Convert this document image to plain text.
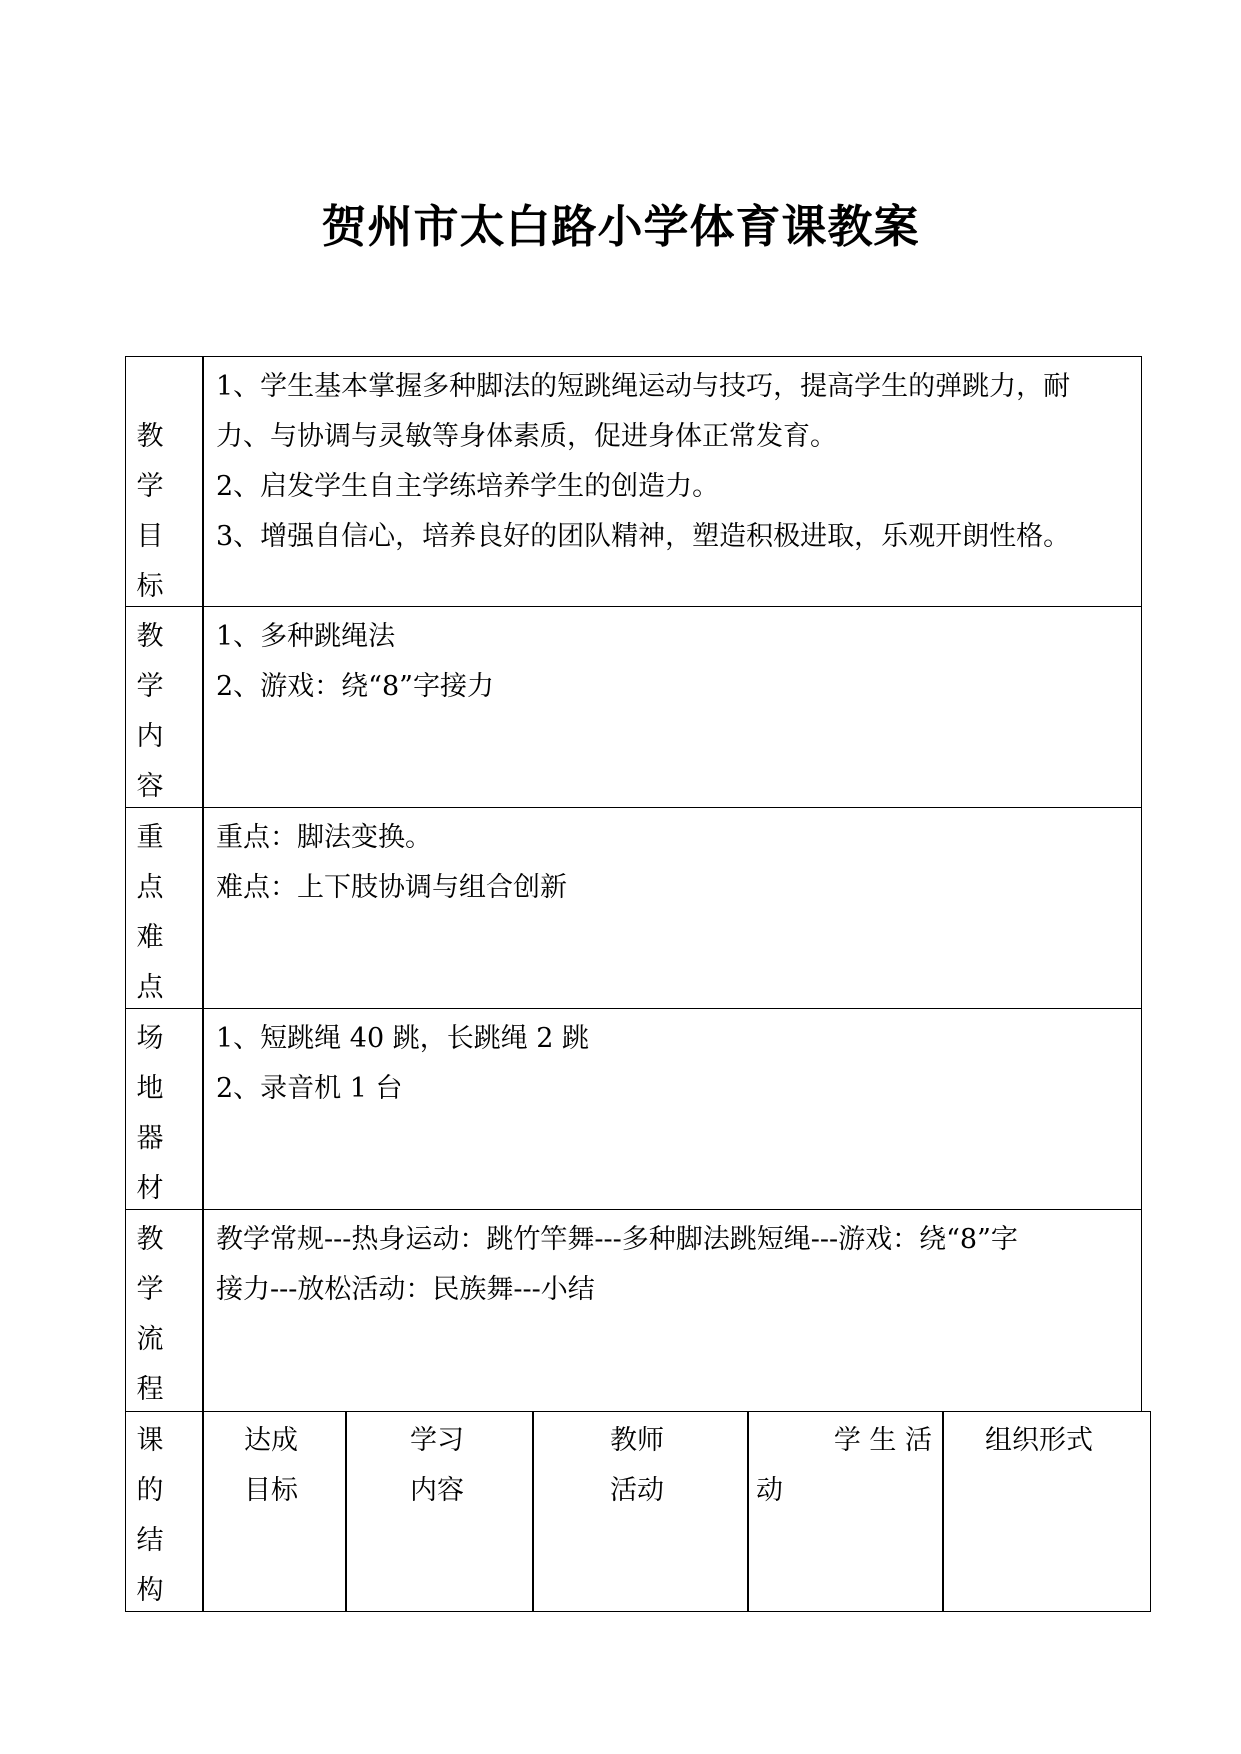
贺州市太白路小学体育课教案
教
学
目
标

1、学生基本掌握多种脚法的短跳绳运动与技巧，提高学生的弹跳力，耐

力、与协调与灵敏等身体素质，促进身体正常发育。

2、启发学生自主学练培养学生的创造力。

3、增强自信心，培养良好的团队精神，塑造积极进取，乐观开朗性格。

教
学
内
容

1、多种跳绳法

2、游戏：绕“8”字接力

重
点
难
点

重点：脚法变换。

难点：上下肢协调与组合创新

场
地
器
材

1、短跳绳 40 跳，长跳绳 2 跳

2、录音机 1 台

教
学
流
程

教学常规---热身运动：跳竹竿舞---多种脚法跳短绳---游戏：绕“8”字

接力---放松活动：民族舞---小结

课
的
结
构
达成
目标
学习
内容
教师
活动
学 生 活
动
组织形式
